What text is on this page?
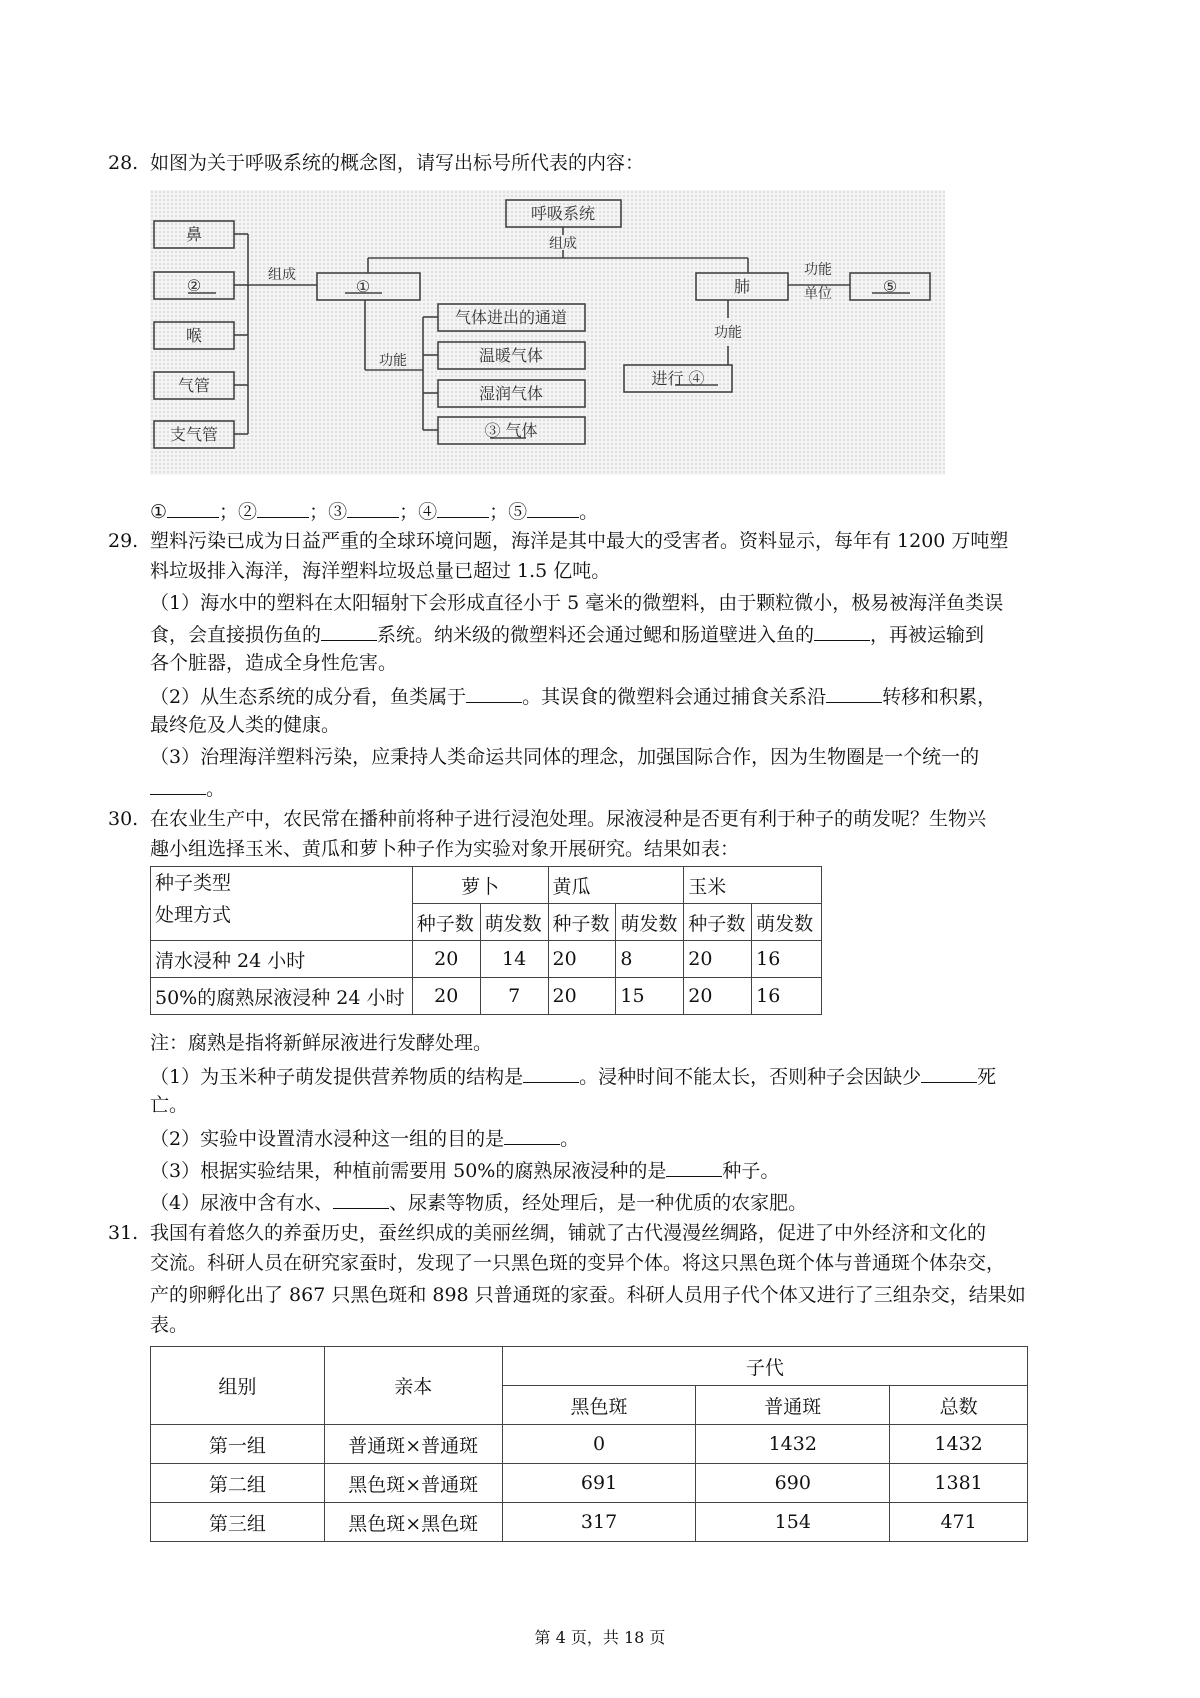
28. 如图为关于呼吸系统的概念图，请写出标号所代表的内容：
呼吸系统
组成
组成
鼻
②
喉
气管
支气管
①
功能
气体进出的通道
温暖气体
湿润气体
③ 气体
肺
功能
单位	⑤
功能
进行 ④
①	；②	；③	；④	；⑤	。
29. 塑料污染已成为日益严重的全球环境问题，海洋是其中最大的受害者。资料显示，每年有 1200 万吨塑
料垃圾排入海洋，海洋塑料垃圾总量已超过 1.5 亿吨。
（1）海水中的塑料在太阳辐射下会形成直径小于 5 毫米的微塑料，由于颗粒微小，极易被海洋鱼类误
食，会直接损伤鱼的	系统。纳米级的微塑料还会通过鳃和肠道壁进入鱼的	，再被运输到
各个脏器，造成全身性危害。
（2）从生态系统的成分看，鱼类属于	。其误食的微塑料会通过捕食关系沿	转移和积累，
最终危及人类的健康。
（3）治理海洋塑料污染，应秉持人类命运共同体的理念，加强国际合作，因为生物圈是一个统一的
。
30. 在农业生产中，农民常在播种前将种子进行浸泡处理。尿液浸种是否更有利于种子的萌发呢？生物兴
趣小组选择玉米、黄瓜和萝卜种子作为实验对象开展研究。结果如表：
种子类型
处理方式	萝卜		黄瓜		玉米	
	种子数	萌发数	种子数	萌发数	种子数	萌发数
清水浸种 24 小时	20	14	20	8	20	16
50%的腐熟尿液浸种 24 小时	20	7	20	15	20	16
注：腐熟是指将新鲜尿液进行发酵处理。
（1）为玉米种子萌发提供营养物质的结构是	。浸种时间不能太长，否则种子会因缺少	死
亡。
（2）实验中设置清水浸种这一组的目的是	。
（3）根据实验结果，种植前需要用 50%的腐熟尿液浸种的是	种子。
（4）尿液中含有水、	、尿素等物质，经处理后，是一种优质的农家肥。
31. 我国有着悠久的养蚕历史，蚕丝织成的美丽丝绸，铺就了古代漫漫丝绸路，促进了中外经济和文化的
交流。科研人员在研究家蚕时，发现了一只黑色斑的变异个体。将这只黑色斑个体与普通斑个体杂交，
产的卵孵化出了 867 只黑色斑和 898 只普通斑的家蚕。科研人员用子代个体又进行了三组杂交，结果如
表。
组别	亲本	子代		
		黑色斑	普通斑	总数
第一组	普通斑×普通斑	0	1432	1432
第二组	黑色斑×普通斑	691	690	1381
第三组	黑色斑×黑色斑	317	154	471
第 4 页，共 18 页
